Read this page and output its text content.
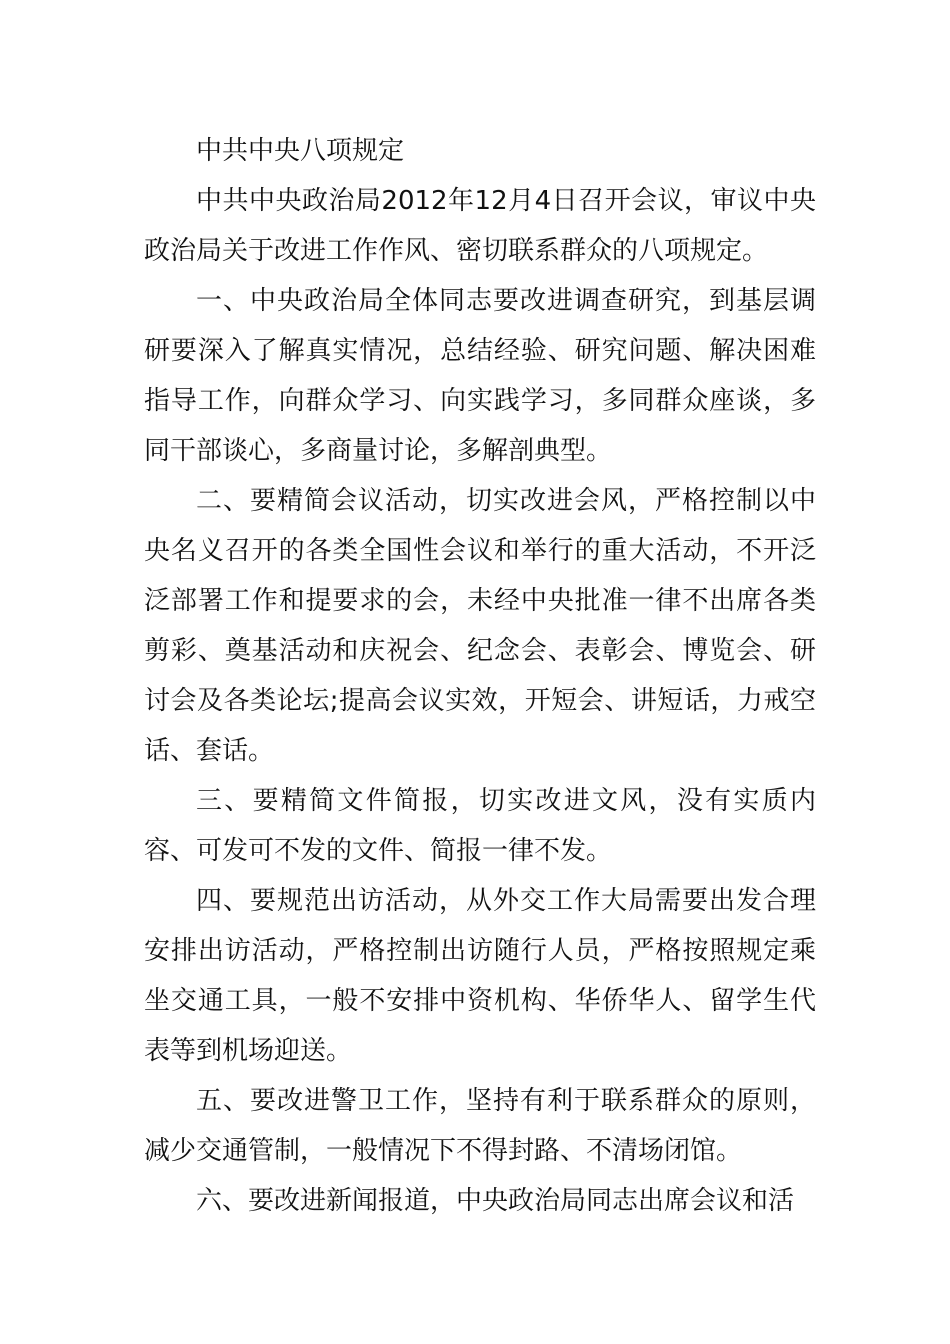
中共中央八项规定

中共中央政治局2012年12月4日召开会议，审议中央政治局关于改进工作作风、密切联系群众的八项规定。

一、中央政治局全体同志要改进调查研究，到基层调研要深入了解真实情况，总结经验、研究问题、解决困难指导工作，向群众学习、向实践学习，多同群众座谈，多同干部谈心，多商量讨论，多解剖典型。

二、要精简会议活动，切实改进会风，严格控制以中央名义召开的各类全国性会议和举行的重大活动，不开泛泛部署工作和提要求的会，未经中央批准一律不出席各类剪彩、奠基活动和庆祝会、纪念会、表彰会、博览会、研讨会及各类论坛;提高会议实效，开短会、讲短话，力戒空话、套话。

三、要精简文件简报，切实改进文风，没有实质内容、可发可不发的文件、简报一律不发。

四、要规范出访活动，从外交工作大局需要出发合理安排出访活动，严格控制出访随行人员，严格按照规定乘坐交通工具，一般不安排中资机构、华侨华人、留学生代表等到机场迎送。

五、要改进警卫工作，坚持有利于联系群众的原则，减少交通管制，一般情况下不得封路、不清场闭馆。

六、要改进新闻报道，中央政治局同志出席会议和活
